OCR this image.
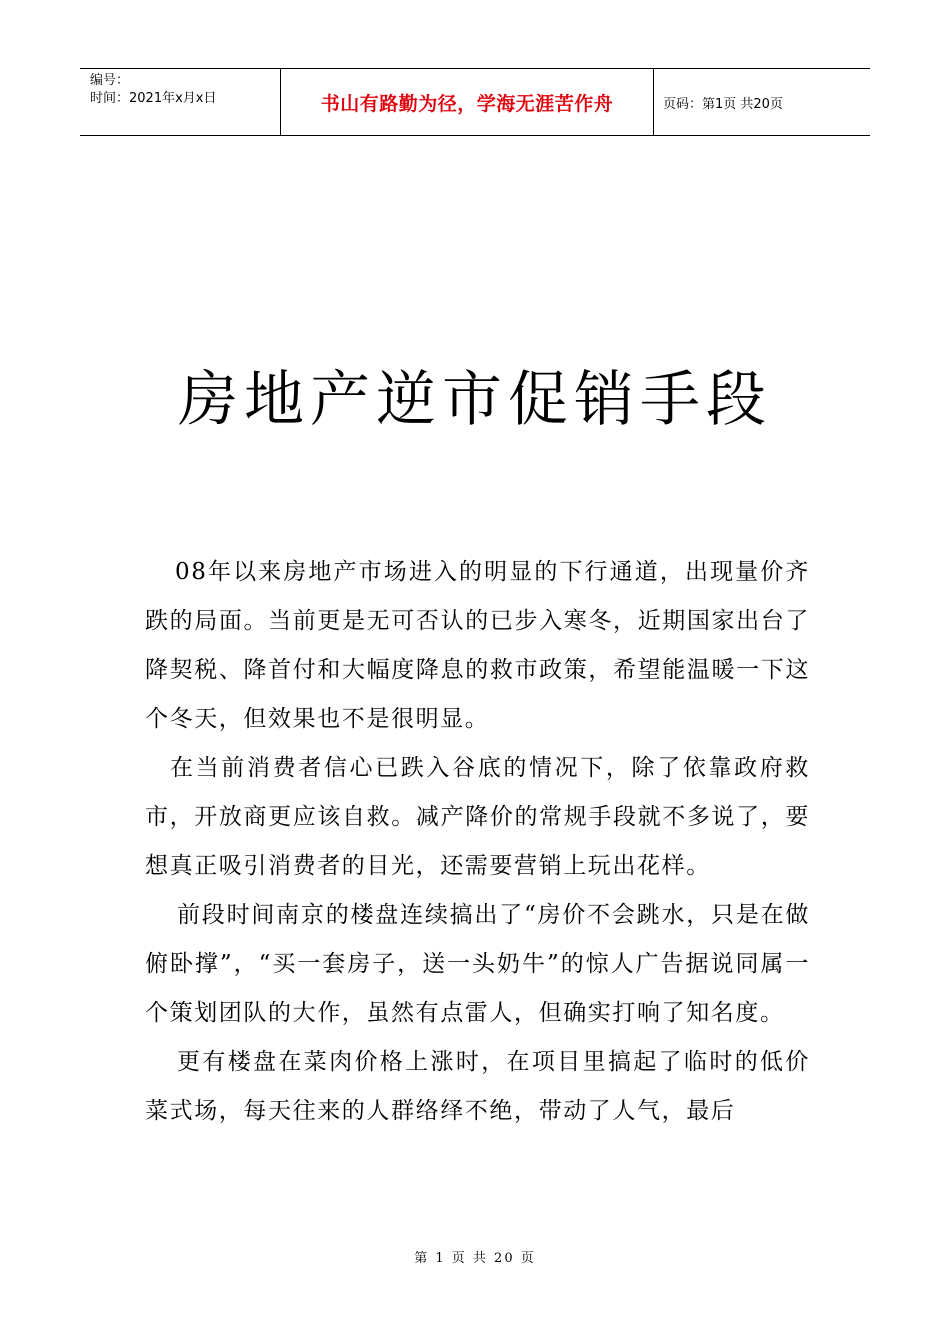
编号：
时间：2021年x月x日	书山有路勤为径，学海无涯苦作舟	页码：第1页 共20页
房地产逆市促销手段

08年以来房地产市场进入的明显的下行通道，出现量价齐跌的局面。当前更是无可否认的已步入寒冬，近期国家出台了降契税、降首付和大幅度降息的救市政策，希望能温暖一下这个冬天，但效果也不是很明显。

在当前消费者信心已跌入谷底的情况下，除了依靠政府救市，开放商更应该自救。减产降价的常规手段就不多说了，要想真正吸引消费者的目光，还需要营销上玩出花样。

前段时间南京的楼盘连续搞出了“房价不会跳水，只是在做俯卧撑”，“买一套房子，送一头奶牛”的惊人广告据说同属一个策划团队的大作，虽然有点雷人，但确实打响了知名度。

更有楼盘在菜肉价格上涨时，在项目里搞起了临时的低价菜式场，每天往来的人群络绎不绝，带动了人气，最后

第 1 页 共 20 页
